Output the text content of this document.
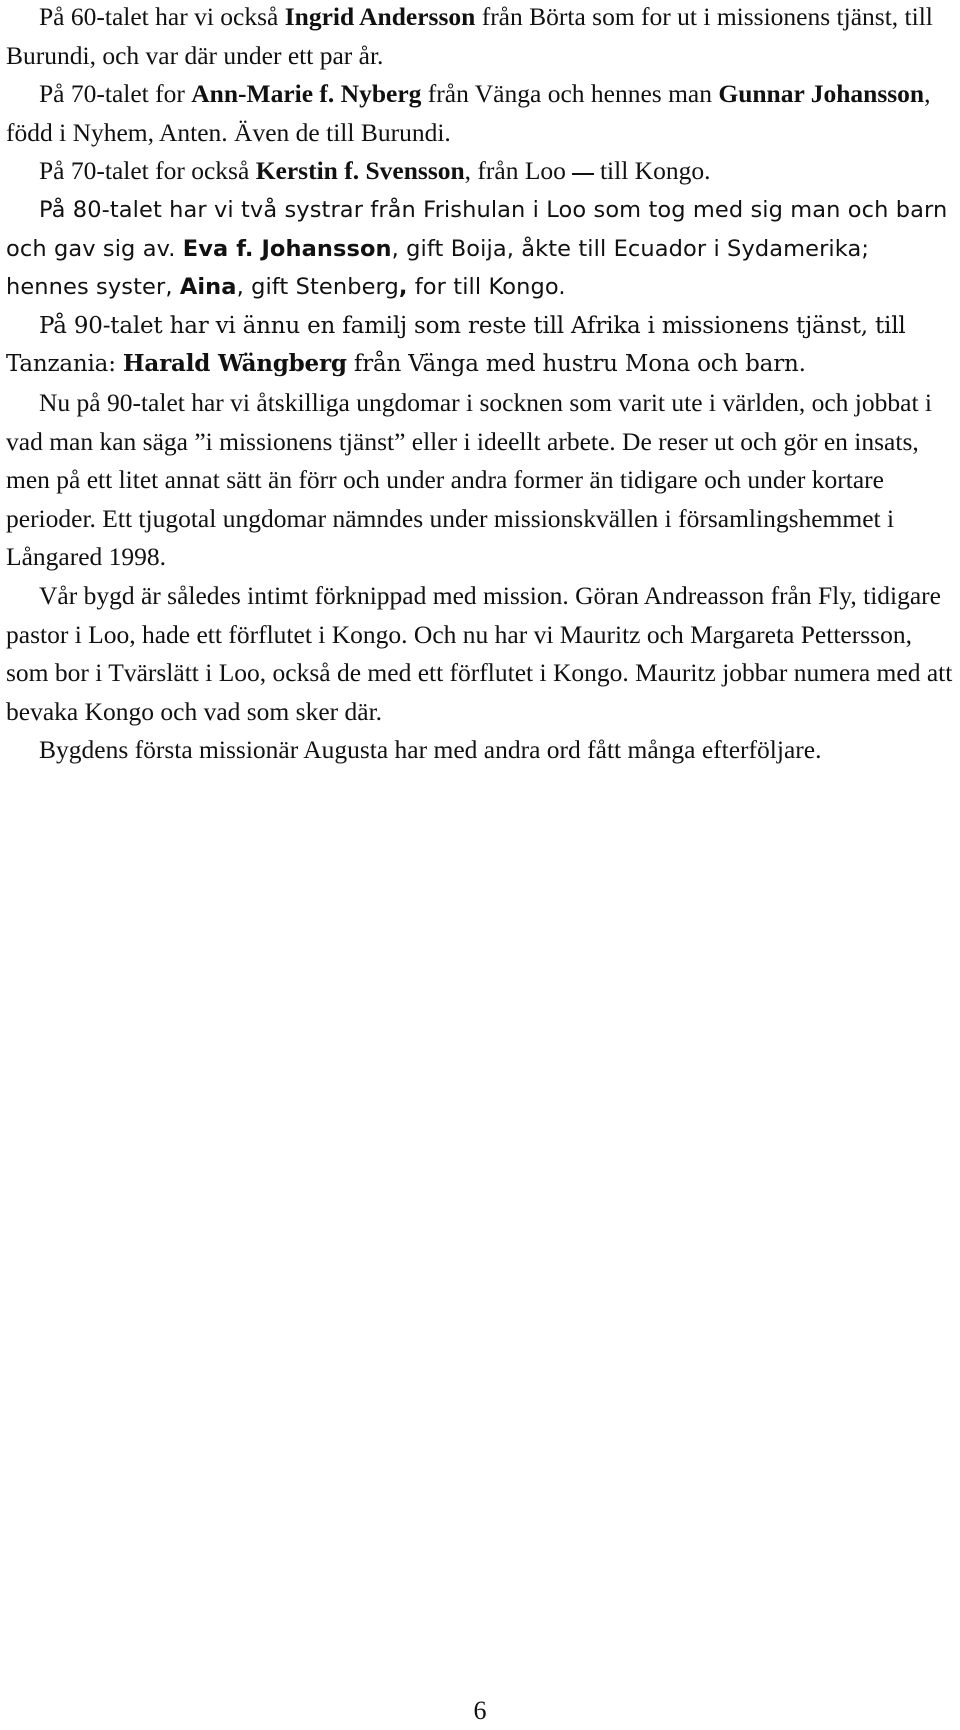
På 60-talet har vi också Ingrid Andersson från Börta som for ut i missionens tjänst, till Burundi, och var där under ett par år.

På 70-talet for Ann-Marie f. Nyberg från Vänga och hennes man Gunnar Johansson, född i Nyhem, Anten. Även de till Burundi.

På 70-talet for också Kerstin f. Svensson, från Loo till Kongo.

På 80-talet har vi två systrar från Frishulan i Loo som tog med sig man och barn och gav sig av. Eva f. Johansson, gift Boija, åkte till Ecuador i Sydamerika; hennes syster, Aina, gift Stenberg, for till Kongo.

På 90-talet har vi ännu en familj som reste till Afrika i missionens tjänst, till Tanzania: Harald Wängberg från Vänga med hustru Mona och barn.

Nu på 90-talet har vi åtskilliga ungdomar i socknen som varit ute i världen, och jobbat i vad man kan säga ”i missionens tjänst” eller i ideellt arbete. De reser ut och gör en insats, men på ett litet annat sätt än förr och under andra former än tidigare och under kortare perioder. Ett tjugotal ungdomar nämndes under missionskvällen i församlingshemmet i Långared 1998.

Vår bygd är således intimt förknippad med mission. Göran Andreasson från Fly, tidigare pastor i Loo, hade ett förflutet i Kongo. Och nu har vi Mauritz och Margareta Pettersson, som bor i Tvärslätt i Loo, också de med ett förflutet i Kongo. Mauritz jobbar numera med att bevaka Kongo och vad som sker där.

Bygdens första missionär Augusta har med andra ord fått många efterföljare.

6
